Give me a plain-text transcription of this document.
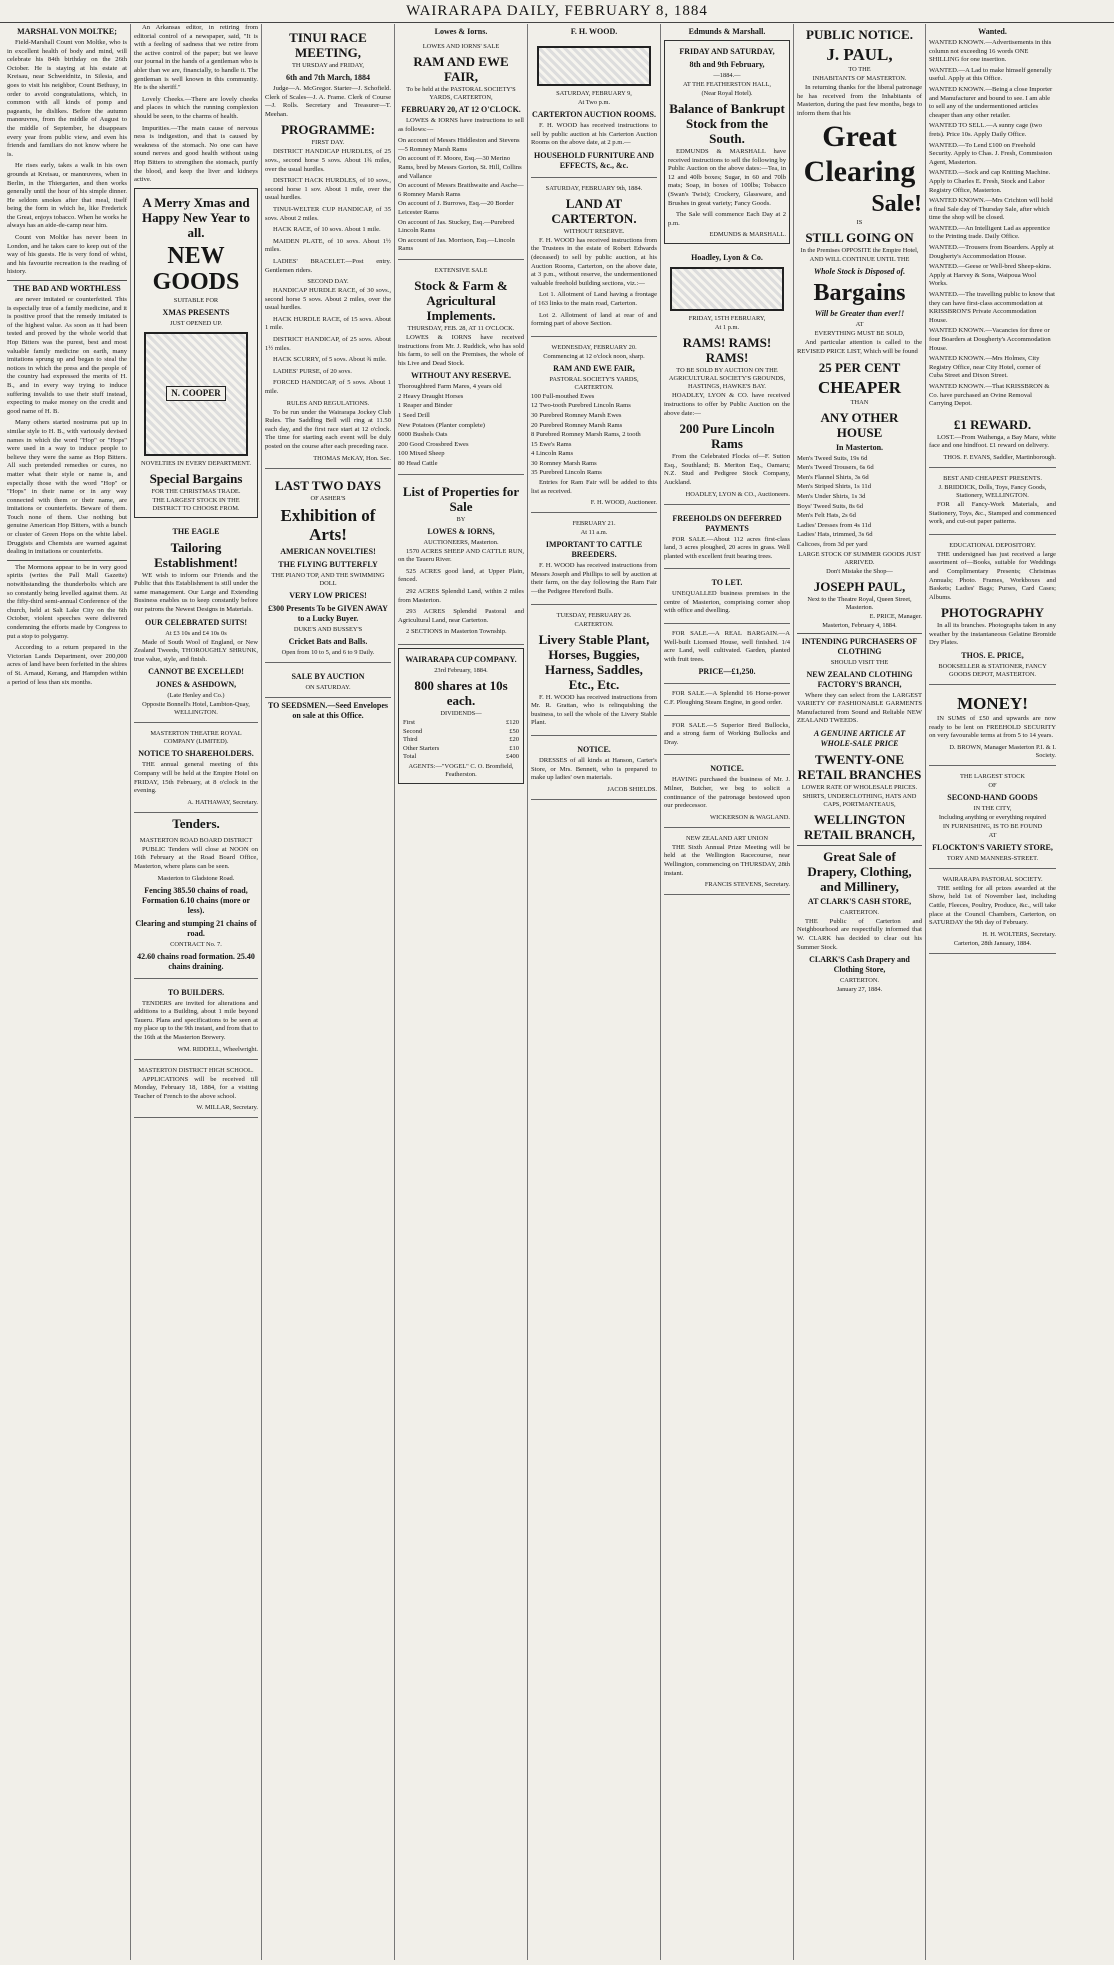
WAIRARAPA DAILY, FEBRUARY 8, 1884
MARSHAL VON MOLTKE;

Field-Marshall Count von Moltke, who is in excellent health of body and mind, will celebrate his 84th birthday on the 26th October. He is staying at his estate at Kreisau, near Schweidnitz, in Silesia, and goes to visit his neighbor, Count Bethusy, in order to avoid congratulations, which, in common with all kinds of pomp and pageants, he dislikes. Before the autumn manœuvres, from the middle of August to the middle of September, he disappears every year from public view, and even his friends and familiars do not know where he is.

He rises early, takes a walk in his own grounds at Kreisau, or manœuvres, when in Berlin, in the Thiergarten, and then works generally until the hour of his simple dinner. He seldom smokes after that meal, itself being the form in which he, like Frederick the Great, enjoys tobacco. When he works he always has an aide-de-camp near him.

Count von Moltke has never been in London, and he takes care to keep out of the way of his guests. He is very fond of whist, and his favourite recreation is the reading of history.

THE BAD AND WORTHLESS

are never imitated or counterfeited. This is especially true of a family medicine, and it is positive proof that the remedy imitated is of the highest value. As soon as it had been tested and proved by the whole world that Hop Bitters was the purest, best and most valuable family medicine on earth, many imitations sprung up and began to steal the notices in which the press and the people of the country had expressed the merits of H. B., and in every way trying to induce suffering invalids to use their stuff instead, expecting to make money on the credit and good name of H. B.

Many others started nostrums put up in similar style to H. B., with variously devised names in which the word "Hop" or "Hops" were used in a way to induce people to believe they were the same as Hop Bitters. All such pretended remedies or cures, no matter what their style or name is, and especially those with the word "Hop" or "Hops" in their name or in any way connected with them or their name, are imitations or counterfeits. Beware of them. Touch none of them. Use nothing but genuine American Hop Bitters, with a bunch or cluster of Green Hops on the white label. Druggists and Chemists are warned against dealing in imitations or counterfeits.

The Mormons appear to be in very good spirits (writes the Pall Mall Gazette) notwithstanding the thunderbolts which are so constantly being levelled against them. At the fifty-third semi-annual Conference of the church, held at Salt Lake City on the 6th October, violent speeches were delivered condemning the efforts made by Congress to put a stop to polygamy.

According to a return prepared in the Victorian Lands Department, over 200,000 acres of land have been forfeited in the shires of St. Arnaud, Kerang, and Hampden within a period of less than six months.

An Arkansas editor, in retiring from editorial control of a newspaper, said, "It is with a feeling of sadness that we retire from the active control of the paper; but we leave our journal in the hands of a gentleman who is abler than we are, financially, to handle it. The gentleman is well known in this community. He is the sheriff."

Lovely Cheeks.—There are lovely cheeks and places in which the running complexion should be seen, to the charms of health.

Impurities.—The main cause of nervous ness is indigestion, and that is caused by weakness of the stomach. No one can have sound nerves and good health without using Hop Bitters to strengthen the stomach, purify the blood, and keep the liver and kidneys active.

A Merry Xmas and Happy New Year to all.
NEW GOODS
SUITABLE FOR
XMAS PRESENTS
JUST OPENED UP.
N. COOPER
NOVELTIES IN EVERY DEPARTMENT.
Special Bargains
FOR THE CHRISTMAS TRADE.
THE LARGEST STOCK IN THE DISTRICT TO CHOOSE FROM.
THE EAGLE
Tailoring Establishment!

WE wish to inform our Friends and the Public that this Establishment is still under the same management. Our Large and Extending Business enables us to keep constantly before our patrons the Newest Designs in Materials.

OUR CELEBRATED SUITS!
At £3 10s and £4 10s 0s

Made of South Wool of England, or New Zealand Tweeds, THOROUGHLY SHRUNK, true value, style, and finish.

CANNOT BE EXCELLED!
JONES & ASHDOWN,
(Late Henley and Co.)
Opposite Bonnell's Hotel, Lambton-Quay, WELLINGTON.
MASTERTON THEATRE ROYAL COMPANY (LIMITED).
NOTICE TO SHAREHOLDERS.

THE annual general meeting of this Company will be held at the Empire Hotel on FRIDAY, 15th February, at 8 o'clock in the evening.

A. HATHAWAY, Secretary.
Tenders.
MASTERTON ROAD BOARD DISTRICT

PUBLIC Tenders will close at NOON on 16th February at the Road Board Office, Masterton, where plans can be seen.

Masterton to Gladstone Road.
Fencing 385.50 chains of road, Formation 6.10 chains (more or less).
Clearing and stumping 21 chains of road.
CONTRACT No. 7.
42.60 chains road formation. 25.40 chains draining.
TO BUILDERS.

TENDERS are invited for alterations and additions to a Building, about 1 mile beyond Taueru. Plans and specifications to be seen at my place up to the 9th instant, and from that to the 16th at the Masterton Brewery.

WM. RIDDELL, Wheelwright.
MASTERTON DISTRICT HIGH SCHOOL.

APPLICATIONS will be received till Monday, February 18, 1884, for a visiting Teacher of French to the above school.

W. MILLAR, Secretary.
TINUI RACE MEETING,
TH URSDAY and FRIDAY,
6th and 7th March, 1884

Judge—A. McGregor. Starter—J. Schofield. Clerk of Scales—J. A. Frame. Clerk of Course—J. Rolls. Secretary and Treasurer—T. Meehan.

PROGRAMME:
FIRST DAY.

DISTRICT HANDICAP HURDLES, of 25 sovs., second horse 5 sovs. About 1¾ miles, over the usual hurdles.

DISTRICT HACK HURDLES, of 10 sovs., second horse 1 sov. About 1 mile, over the usual hurdles.

TINUI-WELTER CUP HANDICAP, of 35 sovs. About 2 miles.

HACK RACE, of 10 sovs. About 1 mile.

MAIDEN PLATE, of 10 sovs. About 1½ miles.

LADIES' BRACELET.—Post entry. Gentlemen riders.

SECOND DAY.

HANDICAP HURDLE RACE, of 30 sovs., second horse 5 sovs. About 2 miles, over the usual hurdles.

HACK HURDLE RACE, of 15 sovs. About 1 mile.

DISTRICT HANDICAP, of 25 sovs. About 1½ miles.

HACK SCURRY, of 5 sovs. About ¾ mile.

LADIES' PURSE, of 20 sovs.

FORCED HANDICAP, of 5 sovs. About 1 mile.

RULES AND REGULATIONS.

To be run under the Wairarapa Jockey Club Rules. The Saddling Bell will ring at 11.50 each day, and the first race start at 12 o'clock. The time for starting each event will be duly posted on the course after each preceding race.

THOMAS McKAY, Hon. Sec.
LAST TWO DAYS
OF ASHER'S
Exhibition of Arts!
AMERICAN NOVELTIES!
THE FLYING BUTTERFLY
THE PIANO TOP, AND THE SWIMMING DOLL
VERY LOW PRICES!
£300 Presents To be GIVEN AWAY to a Lucky Buyer.
DUKE'S AND BUSSEY'S
Cricket Bats and Balls.
Open from 10 to 5, and 6 to 9 Daily.
SALE BY AUCTION
ON SATURDAY.
TO SEEDSMEN.—Seed Envelopes on sale at this Office.
Lowes & Iorns.
LOWES AND IORNS' SALE
RAM AND EWE FAIR,
To be held at the PASTORAL SOCIETY'S YARDS, CARTERTON,
FEBRUARY 20, AT 12 O'CLOCK.

LOWES & IORNS have instructions to sell as follows:—

On account of Messrs Hiddleston and Stevens—5 Romney Marsh Rams
On account of F. Moore, Esq.—30 Merino Rams, bred by Messrs Gorton, St. Hill, Collins and Vallance
On account of Messrs Braithwaite and Asche—6 Romney Marsh Rams
On account of J. Burrows, Esq.—20 Border Leicester Rams
On account of Jas. Stuckey, Esq.—Purebred Lincoln Rams
On account of Jas. Morrison, Esq.—Lincoln Rams
EXTENSIVE SALE
Stock & Farm & Agricultural Implements.
THURSDAY, FEB. 28, AT 11 O'CLOCK.

LOWES & IORNS have received instructions from Mr. J. Ruddick, who has sold his farm, to sell on the Premises, the whole of his Live and Dead Stock.

WITHOUT ANY RESERVE.
Thoroughbred Farm Mares, 4 years old
2 Heavy Draught Horses
1 Reaper and Binder
1 Seed Drill
New Potatoes (Planter complete)
6000 Bushels Oats
200 Good Crossbred Ewes
100 Mixed Sheep
80 Head Cattle
List of Properties for Sale
BY
LOWES & IORNS,
AUCTIONEERS, Masterton.

1570 ACRES SHEEP AND CATTLE RUN, on the Taueru River.

525 ACRES good land, at Upper Plain, fenced.

292 ACRES Splendid Land, within 2 miles from Masterton.

293 ACRES Splendid Pastoral and Agricultural Land, near Carterton.

2 SECTIONS in Masterton Township.

WAIRARAPA CUP COMPANY.
23rd February, 1884.
800 shares at 10s each.
DIVIDENDS—
First	£120
Second	£50
Third	£20
Other Starters	£10
Total	£400
AGENTS:—"VOGEL" C. O. Bromfield, Featherston.
F. H. WOOD.
SATURDAY, FEBRUARY 9,
At Two p.m.
CARTERTON AUCTION ROOMS.

F. H. WOOD has received instructions to sell by public auction at his Carterton Auction Rooms on the above date, at 2 p.m.—

HOUSEHOLD FURNITURE AND EFFECTS, &c., &c.
SATURDAY, FEBRUARY 9th, 1884.
LAND AT CARTERTON.
WITHOUT RESERVE.

F. H. WOOD has received instructions from the Trustees in the estate of Robert Edwards (deceased) to sell by public auction, at his Auction Rooms, Carterton, on the above date, at 3 p.m., without reserve, the undermentioned valuable freehold building sections, viz.:—

Lot 1. Allotment of Land having a frontage of 163 links to the main road, Carterton.

Lot 2. Allotment of land at rear of and forming part of above Section.

WEDNESDAY, FEBRUARY 20.
Commencing at 12 o'clock noon, sharp.
RAM AND EWE FAIR,
PASTORAL SOCIETY'S YARDS, CARTERTON.
100 Full-mouthed Ewes
12 Two-tooth Purebred Lincoln Rams
30 Purebred Romney Marsh Ewes
20 Purebred Romney Marsh Rams
8 Purebred Romney Marsh Rams, 2 tooth
15 Ewe's Rams
4 Lincoln Rams
30 Romney Marsh Rams
35 Purebred Lincoln Rams

Entries for Ram Fair will be added to this list as received.

F. H. WOOD, Auctioneer.
FEBRUARY 21.
At 11 a.m.
IMPORTANT TO CATTLE BREEDERS.

F. H. WOOD has received instructions from Messrs Joseph and Phillips to sell by auction at their farm, on the day following the Ram Fair—the Pedigree Hereford Bulls.

TUESDAY, FEBRUARY 26.
CARTERTON.
Livery Stable Plant, Horses, Buggies, Harness, Saddles, Etc., Etc.

F. H. WOOD has received instructions from Mr. R. Grattan, who is relinquishing the business, to sell the whole of the Livery Stable Plant.

NOTICE.

DRESSES of all kinds at Hanson, Carter's Store, or Mrs. Bennett, who is prepared to make up ladies' own materials.

JACOB SHIELDS.
Edmunds & Marshall.
FRIDAY AND SATURDAY,
8th and 9th February,
—1884.—
AT THE FEATHERSTON HALL,
(Near Royal Hotel).
Balance of Bankrupt Stock from the South.

EDMUNDS & MARSHALL have received instructions to sell the following by Public Auction on the above dates:—Tea, in 12 and 40lb boxes; Sugar, in 60 and 70lb mats; Soap, in boxes of 100lbs; Tobacco (Swan's Twist); Crockery, Glassware, and Brushes in great variety; Fancy Goods.

The Sale will commence Each Day at 2 p.m.

EDMUNDS & MARSHALL.
Hoadley, Lyon & Co.
FRIDAY, 15TH FEBRUARY,
At 1 p.m.
RAMS! RAMS! RAMS!
TO BE SOLD BY AUCTION ON THE AGRICULTURAL SOCIETY'S GROUNDS, HASTINGS, HAWKE'S BAY.

HOADLEY, LYON & CO. have received instructions to offer by Public Auction on the above date:—

200 Pure Lincoln Rams

From the Celebrated Flocks of—F. Sutton Esq., Southland; B. Meriton Esq., Oamaru; N.Z. Stud and Pedigree Stock Company, Auckland.

HOADLEY, LYON & CO., Auctioneers.
FREEHOLDS ON DEFERRED PAYMENTS

FOR SALE.—About 112 acres first-class land, 3 acres ploughed, 20 acres in grass. Well planted with excellent fruit bearing trees.

TO LET.

UNEQUALLED business premises in the centre of Masterton, comprising corner shop with office and dwelling.

FOR SALE.—A REAL BARGAIN.—A Well-built Licensed House, well finished. 1/4 acre Land, well cultivated. Garden, planted with fruit trees.

PRICE—£1,250.

FOR SALE.—A Splendid 16 Horse-power C.F. Ploughing Steam Engine, in good order.

FOR SALE.—5 Superior Bred Bullocks, and a strong farm of Working Bullocks and Dray.

NOTICE.

HAVING purchased the business of Mr. J. Milner, Butcher, we beg to solicit a continuance of the patronage bestowed upon our predecessor.

WICKERSON & WAGLAND.
NEW ZEALAND ART UNION

THE Sixth Annual Prize Meeting will be held at the Wellington Racecourse, near Wellington, commencing on THURSDAY, 28th instant.

FRANCIS STEVENS, Secretary.
PUBLIC NOTICE.
J. PAUL,
TO THE
INHABITANTS OF MASTERTON.

In returning thanks for the liberal patronage he has received from the Inhabitants of Masterton, during the past few months, begs to inform them that his

Great
Clearing
Sale!
IS
STILL GOING ON
In the Premises OPPOSITE the Empire Hotel,
AND WILL CONTINUE UNTIL THE
Whole Stock is Disposed of.
Bargains
Will be Greater than ever!!
AT
EVERYTHING MUST BE SOLD,

And particular attention is called to the REVISED PRICE LIST, Which will be found

25 PER CENT
CHEAPER
THAN
ANY OTHER HOUSE
In Masterton.
Men's Tweed Suits, 19s 6d
Men's Tweed Trousers, 6s 6d
Men's Flannel Shirts, 3s 6d
Men's Striped Shirts, 1s 11d
Men's Under Shirts, 1s 3d
Boys' Tweed Suits, 8s 6d
Men's Felt Hats, 2s 6d
Ladies' Dresses from 4s 11d
Ladies' Hats, trimmed, 3s 6d
Calicoes, from 3d per yard
LARGE STOCK OF SUMMER GOODS JUST ARRIVED.
Don't Mistake the Shop—
JOSEPH PAUL,
Next to the Theatre Royal, Queen Street, Masterton.
E. PRICE, Manager.
Masterton, February 4, 1884.
INTENDING PURCHASERS OF CLOTHING
SHOULD VISIT THE
NEW ZEALAND CLOTHING FACTORY'S BRANCH,

Where they can select from the LARGEST VARIETY OF FASHIONABLE GARMENTS Manufactured from Sound and Reliable NEW ZEALAND TWEEDS.

A GENUINE ARTICLE AT WHOLE-SALE PRICE
TWENTY-ONE RETAIL BRANCHES
LOWER RATE OF WHOLESALE PRICES.
SHIRTS, UNDERCLOTHING, HATS AND CAPS, PORTMANTEAUS,
WELLINGTON RETAIL BRANCH,
Great Sale of Drapery, Clothing, and Millinery,
AT CLARK'S CASH STORE,
CARTERTON.

THE Public of Carterton and Neighbourhood are respectfully informed that W. CLARK has decided to clear out his Summer Stock.

CLARK'S Cash Drapery and Clothing Store,
CARTERTON.
January 27, 1884.
Wanted.

WANTED KNOWN.—Advertisements in this column not exceeding 16 words ONE SHILLING for one insertion.

WANTED.—A Lad to make himself generally useful. Apply at this Office.

WANTED KNOWN.—Being a close Importer and Manufacturer and bound to see. I am able to sell any of the undermentioned articles cheaper than any other retailer.

WANTED TO SELL.—A sunny cage (two frets). Price 10s. Apply Daily Office.

WANTED.—To Lend £100 on Freehold Security. Apply to Chas. J. Fresh, Commission Agent, Masterton.

WANTED.—Sock and cap Knitting Machine. Apply to Charles E. Fresh, Stock and Labor Registry Office, Masterton.

WANTED KNOWN.—Mrs Crichton will hold a final Sale day of Thursday Sale, after which time the shop will be closed.

WANTED.—An Intelligent Lad as apprentice to the Printing trade. Daily Office.

WANTED.—Trousers from Boarders. Apply at Dougherty's Accommodation House.

WANTED.—Geese or Well-bred Sheep-skins. Apply at Harvey & Sons, Waipoua Wool Works.

WANTED.—The travelling public to know that they can have first-class accommodation at KRISSBRON'S Private Accommodation House.

WANTED KNOWN.—Vacancies for three or four Boarders at Dougherty's Accommodation House.

WANTED KNOWN.—Mrs Holmes, City Registry Office, near City Hotel, corner of Cuba Street and Dixon Street.

WANTED KNOWN.—That KRISSBRON & Co. have purchased an Ovine Removal Carrying Depot.

£1 REWARD.

LOST.—From Waihenga, a Bay Mare, white face and one hindfoot. £1 reward on delivery.

THOS. F. EVANS, Saddler, Martinborough.
BEST AND CHEAPEST PRESENTS.
J. BRIDDICK, Dolls, Toys, Fancy Goods, Stationery, WELLINGTON.

FOR all Fancy-Work Materials, and Stationery, Toys, &c., Stamped and commenced work, and cut-out paper patterns.

EDUCATIONAL DEPOSITORY.

THE undersigned has just received a large assortment of—Books, suitable for Weddings and Complimentary Presents; Christmas Annuals; Photo. Frames, Workboxes and Baskets; Ladies' Bags; Purses, Card Cases; Albums.

PHOTOGRAPHY

In all its branches. Photographs taken in any weather by the instantaneous Gelatine Bromide Dry Plates.

THOS. E. PRICE,
BOOKSELLER & STATIONER, FANCY GOODS DEPOT, MASTERTON.
MONEY!

IN SUMS of £50 and upwards are now ready to be lent on FREEHOLD SECURITY on very favourable terms at from 5 to 14 years.

D. BROWN, Manager Masterton P.I. & I. Society.
THE LARGEST STOCK
OF
SECOND-HAND GOODS
IN THE CITY,
Including anything or everything required
IN FURNISHING, IS TO BE FOUND
AT
FLOCKTON'S VARIETY STORE,
TORY AND MANNERS-STREET.
WAIRARAPA PASTORAL SOCIETY.

THE settling for all prizes awarded at the Show, held 1st of November last, including Cattle, Fleeces, Poultry, Produce, &c., will take place at the Council Chambers, Carterton, on SATURDAY the 9th day of February.

H. H. WOLTERS, Secretary.
Carterton, 28th January, 1884.
